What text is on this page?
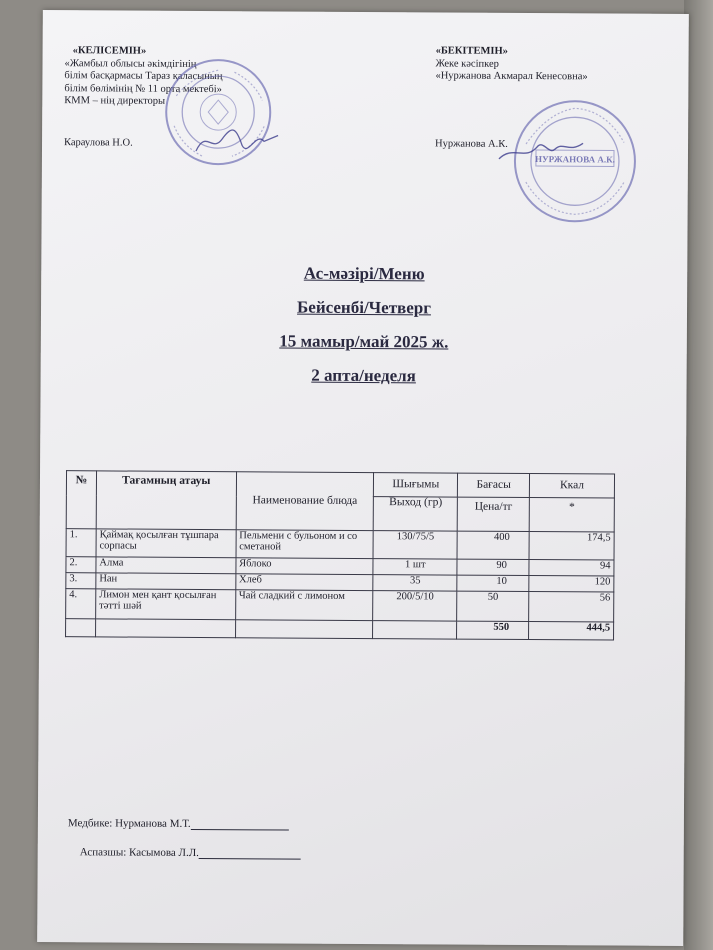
«КЕЛІСЕМІН»
«Жамбыл облысы әкімдігінің
білім басқармасы Тараз қаласының
білім бөлімінің № 11 орта мектебі»
КММ – нің директоры
Караулова Н.О.
«БЕКІТЕМІН»
Жеке кәсіпкер
«Нуржанова Акмарал Кенесовна»
Нуржанова А.К.
НУРЖАНОВА А.К.
Ас-мәзірі/Меню
Бейсенбі/Четверг
15 мамыр/май 2025 ж.
2 апта/неделя
№	Тағамның атауы	Наименование блюда	Шығымы	Бағасы	Ккал
			Выход (гр)	Цена/тг	*
1.	Қаймақ қосылған тұшпара сорпасы	Пельмени с бульоном и со сметаной	130/75/5	400	174,5
2.	Алма	Яблоко	1 шт	90	94
3.	Нан	Хлеб	35	10	120
4.	Лимон мен қант қосылған тәтті шәй	Чай сладкий с лимоном	200/5/10	50	56
				550	444,5
Медбике: Нурманова М.Т.
Аспазшы: Касымова Л.Л.
